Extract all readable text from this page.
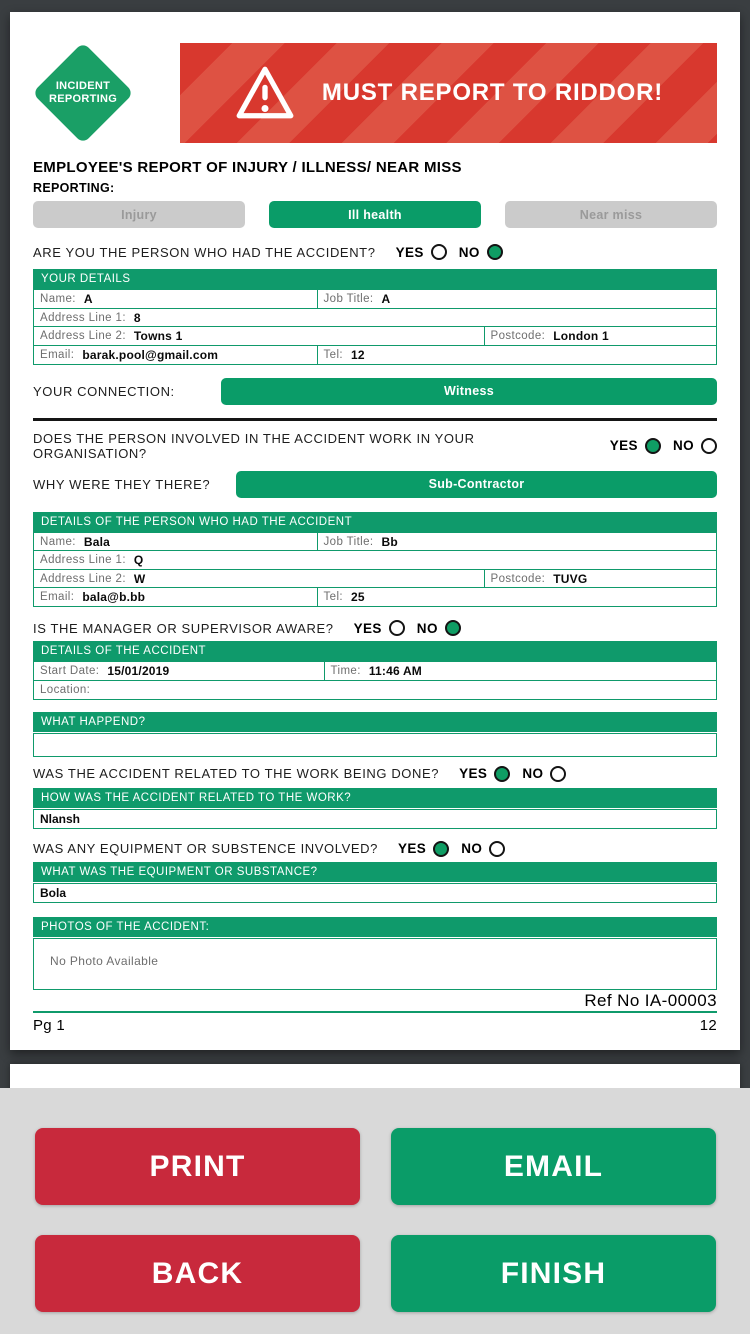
INCIDENT
REPORTING	MUST REPORT TO RIDDOR!
EMPLOYEE'S REPORT OF INJURY / ILLNESS/ NEAR MISS
REPORTING:
Injury	Ill health	Near miss
ARE YOU THE PERSON WHO HAD THE ACCIDENT? YES	NO
YOUR DETAILS
Name: A	Job Title: A
Address Line 1: 8
Address Line 2: Towns 1	Postcode: London 1
Email: barak.pool@gmail.com	Tel: 12
YOUR CONNECTION:	Witness
DOES THE PERSON INVOLVED IN THE ACCIDENT WORK IN YOUR ORGANISATION?	YES	NO
WHY WERE THEY THERE?	Sub-Contractor
DETAILS OF THE PERSON WHO HAD THE ACCIDENT
Name: Bala	Job Title: Bb
Address Line 1: Q
Address Line 2: W	Postcode: TUVG
Email: bala@b.bb	Tel: 25
IS THE MANAGER OR SUPERVISOR AWARE? YES	NO
DETAILS OF THE ACCIDENT
Start Date: 15/01/2019	Time: 11:46 AM
Location:
WHAT HAPPEND?
WAS THE ACCIDENT RELATED TO THE WORK BEING DONE? YES	NO
HOW WAS THE ACCIDENT RELATED TO THE WORK?
Nlansh
WAS ANY EQUIPMENT OR SUBSTENCE INVOLVED? YES	NO
WHAT WAS THE EQUIPMENT OR SUBSTANCE?
Bola
PHOTOS OF THE ACCIDENT:
No Photo Available
Ref No IA-00003
Pg 1	12
PRINT	EMAIL
BACK	FINISH
